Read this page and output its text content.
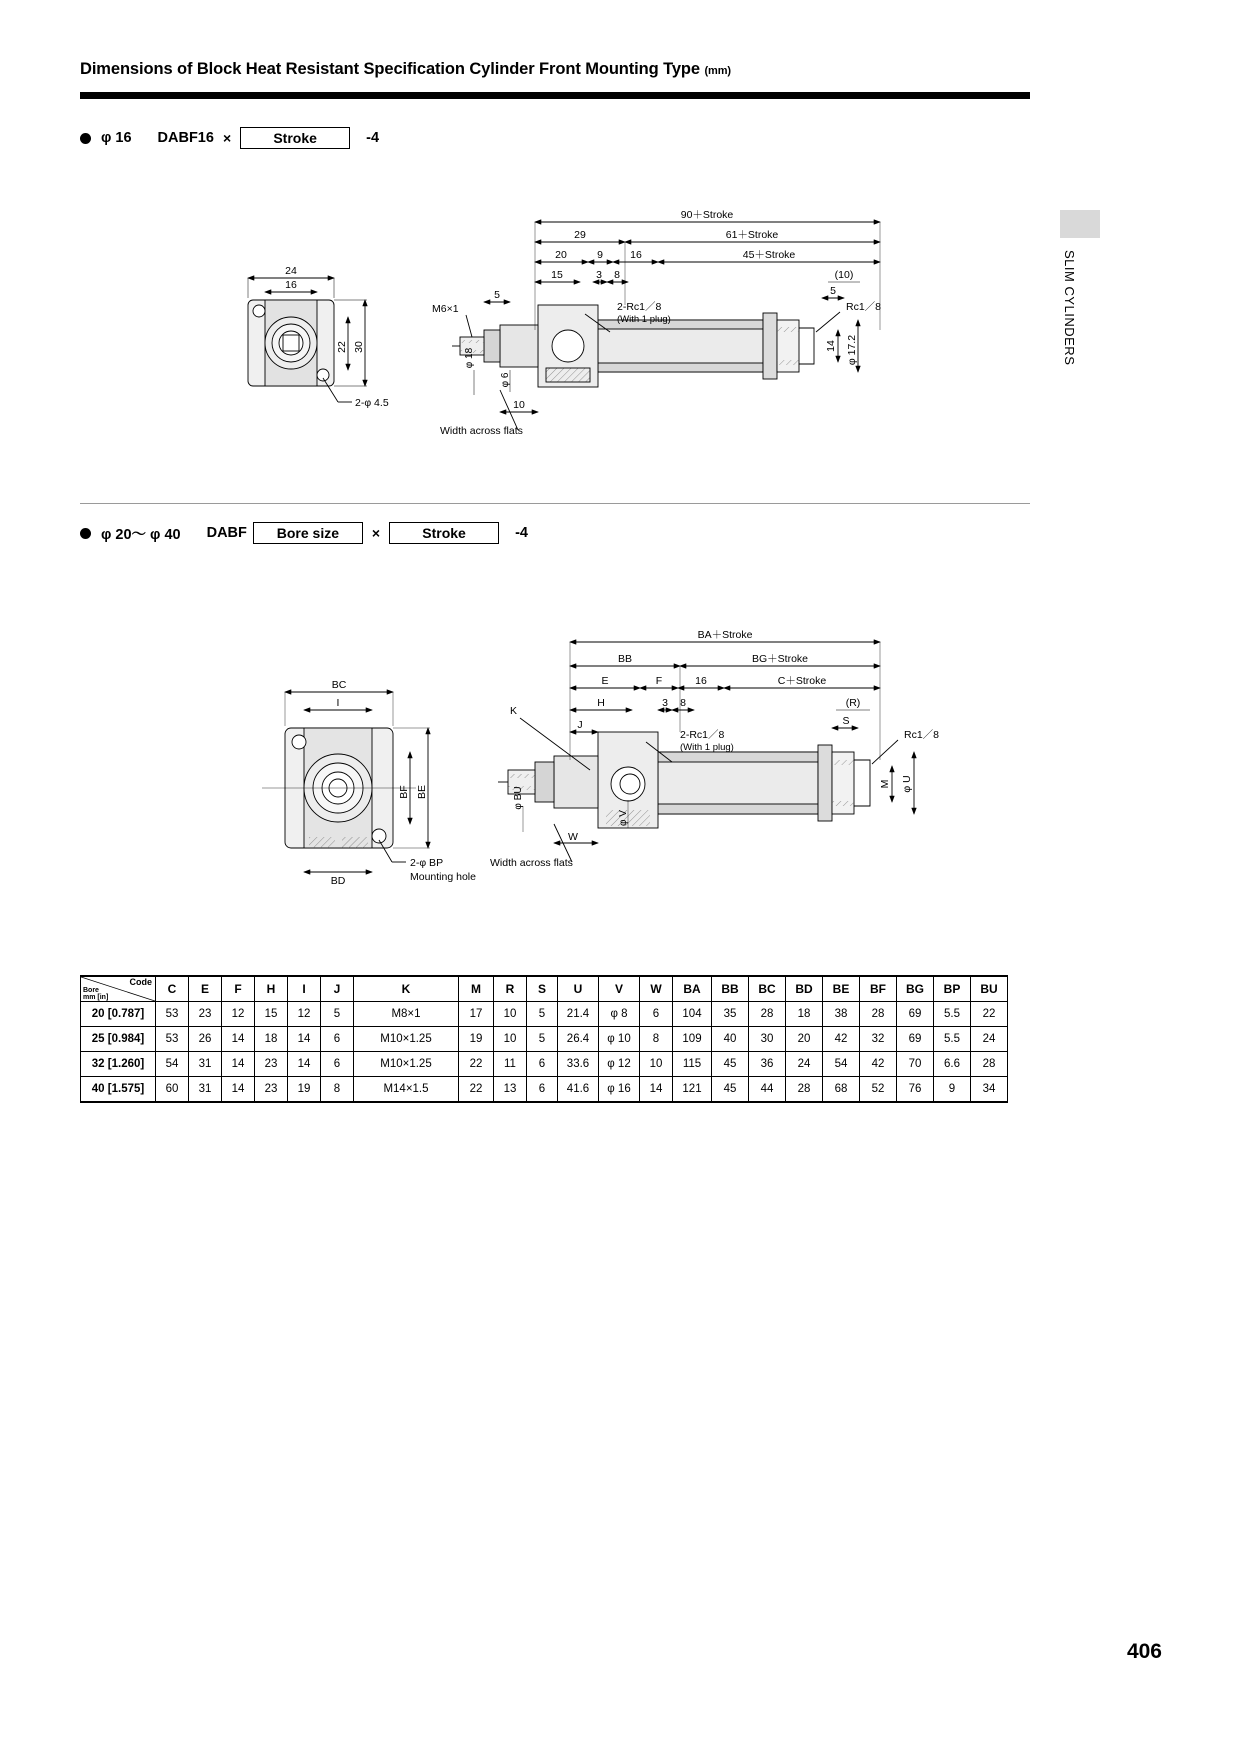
Dimensions of Block Heat Resistant Specification Cylinder Front Mounting Type (mm)
SLIM CYLINDERS
φ 16 DABF16 ×	Stroke	-4
24
16
22 30
2-φ 4.5
90＋Stroke
61＋Stroke
29
20	9	16	45＋Stroke
15	3 8	(10)
5
5
M6×1	2-Rc1／8
(With 1 plug)
Rc1／8
φ 18
φ 6
14 φ 17.2
10
Width across flats
φ 20～ φ 40 DABF	Bore size	×	Stroke	-4
BC
I
BD
BF BE
2-φ BP
Mounting hole
BA＋Stroke
BB	BG＋Stroke
E	F	16	C＋Stroke
H	3 8	(R)
S
K
J
2-Rc1／8
(With 1 plug)
Rc1／8
φ BU
φ V
M φ U
W
Width across flats
Code
Bore
mm [in]	C	E	F	H	I	J	K	M	R	S	U	V	W	BA	BB	BC	BD	BE	BF	BG	BP	BU
20 [0.787]	53	23	12	15	12	5	M8×1	17	10	5	21.4	φ 8	6	104	35	28	18	38	28	69	5.5	22
25 [0.984]	53	26	14	18	14	6	M10×1.25	19	10	5	26.4	φ 10	8	109	40	30	20	42	32	69	5.5	24
32 [1.260]	54	31	14	23	14	6	M10×1.25	22	11	6	33.6	φ 12	10	115	45	36	24	54	42	70	6.6	28
40 [1.575]	60	31	14	23	19	8	M14×1.5	22	13	6	41.6	φ 16	14	121	45	44	28	68	52	76	9	34
406
